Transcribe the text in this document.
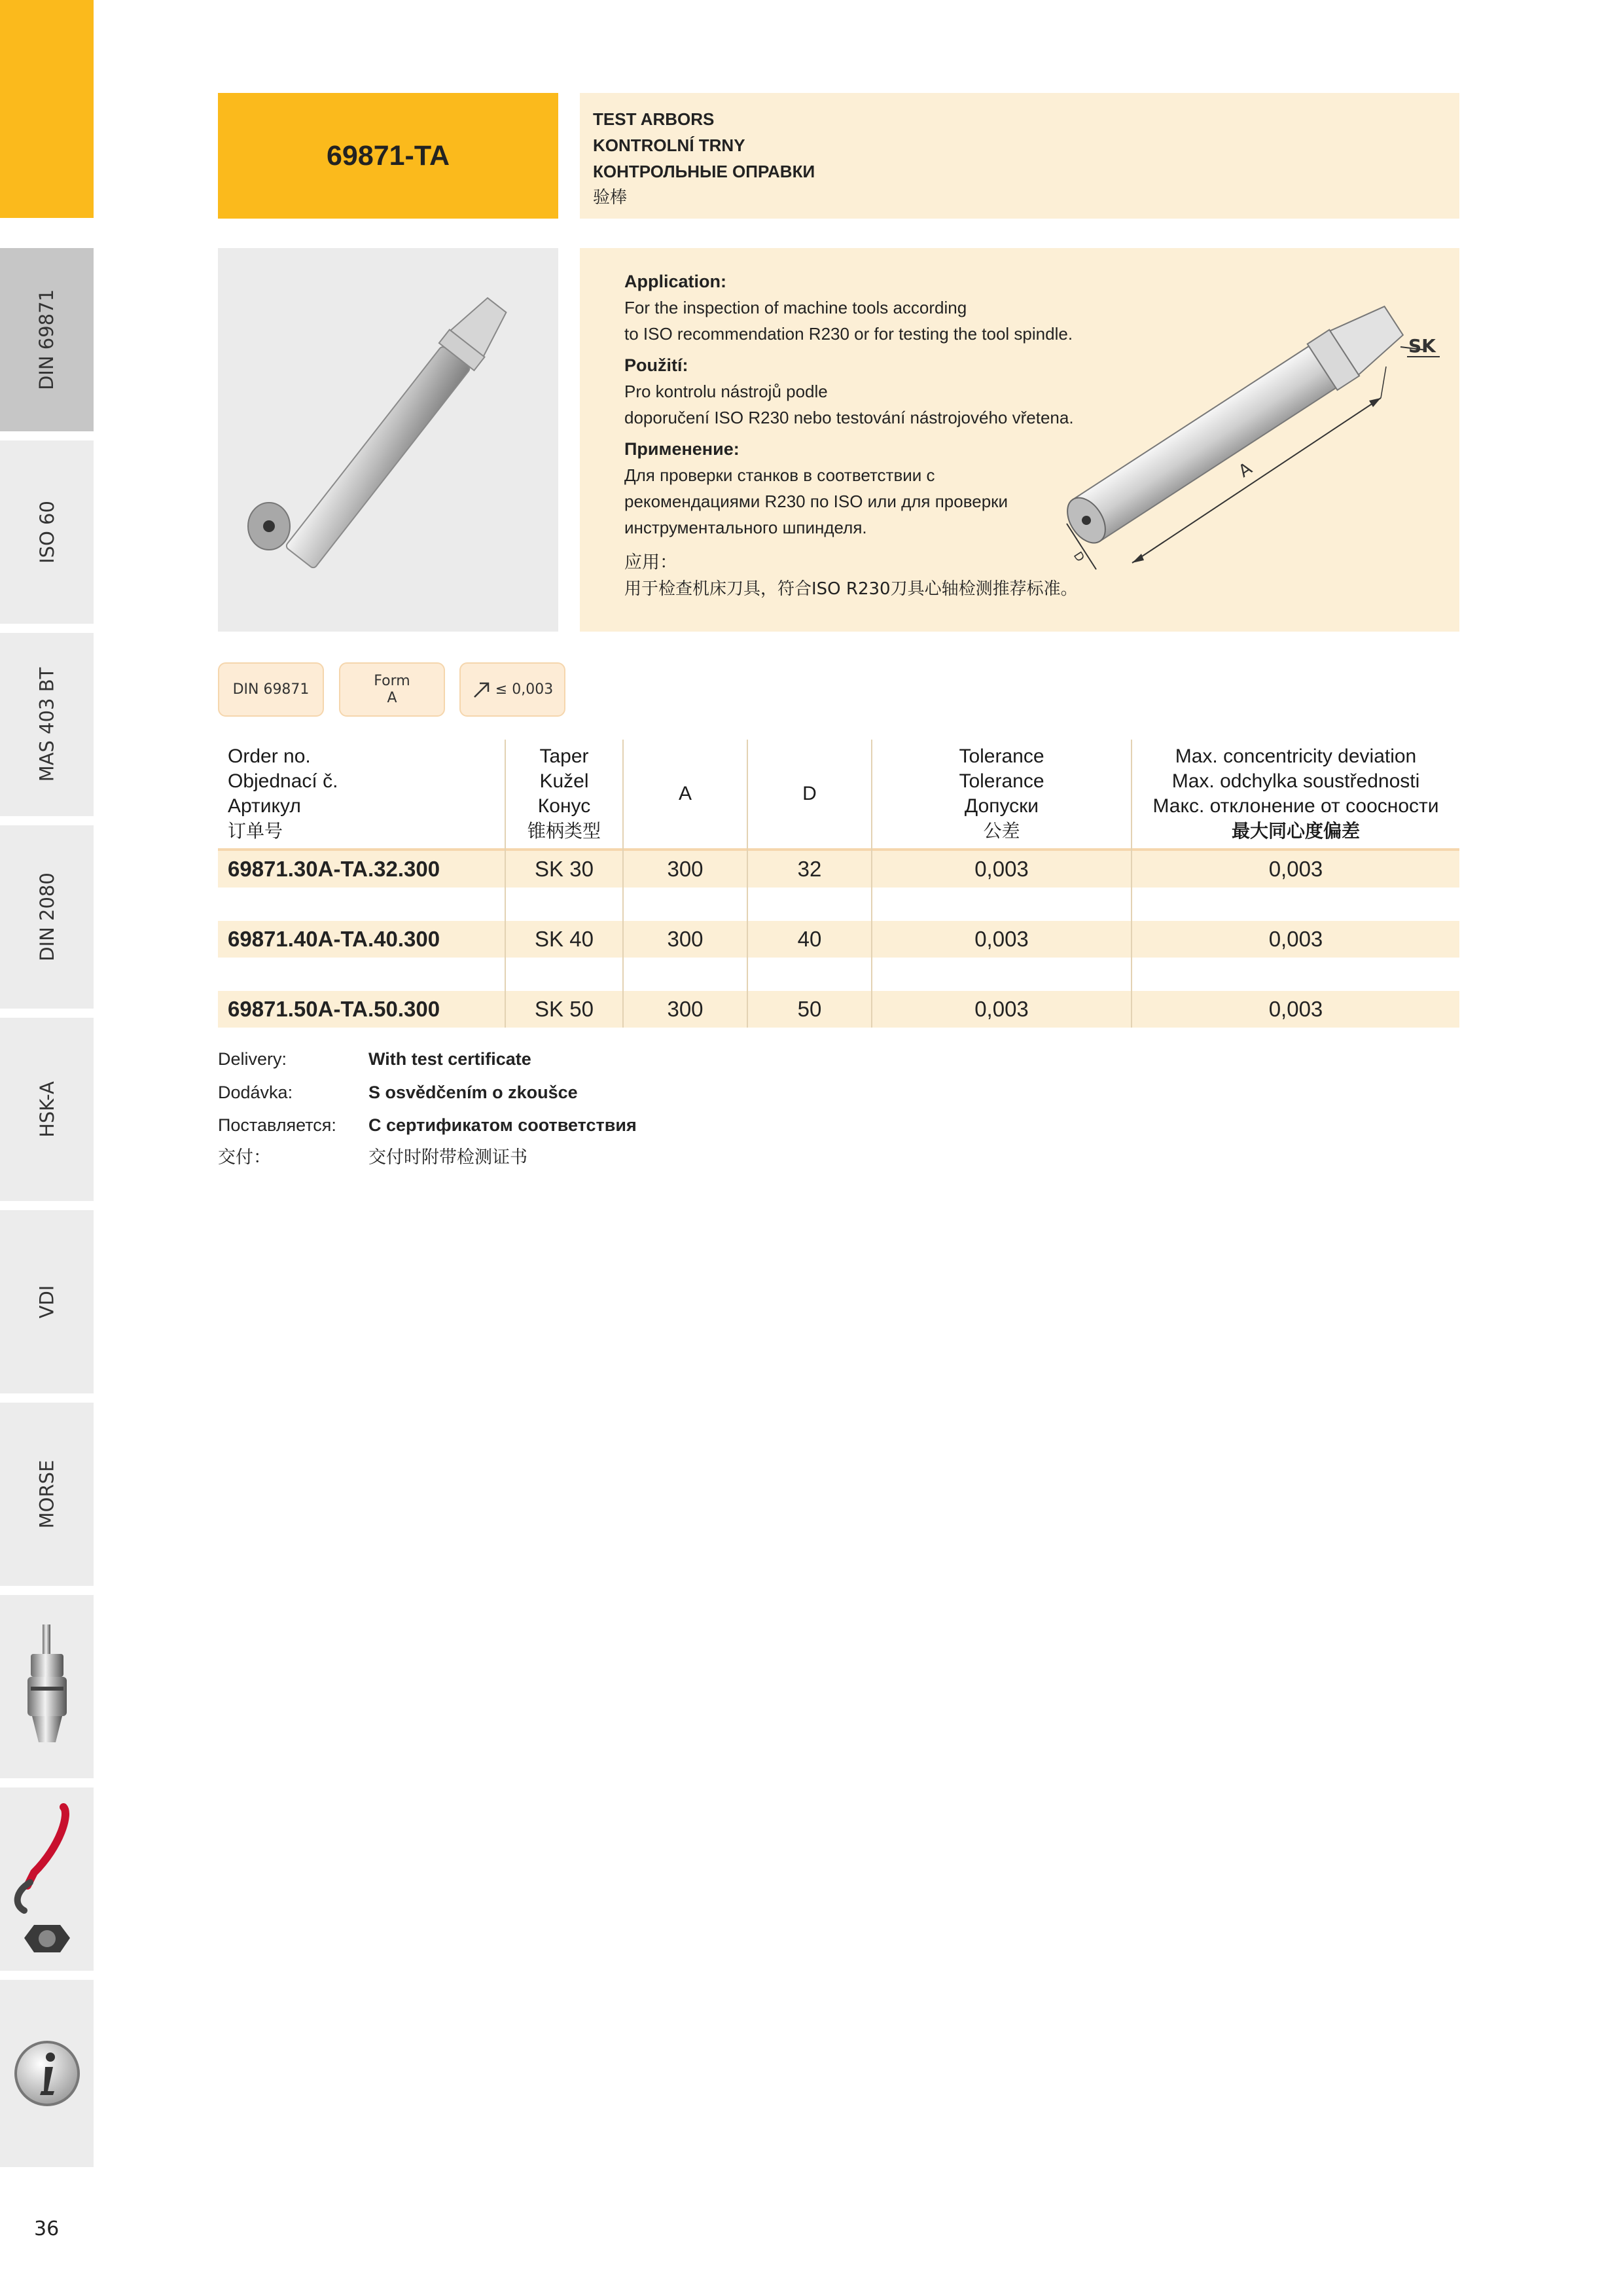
DIN 69871
ISO 60
MAS 403 BT
DIN 2080
HSK-A
VDI
MORSE
36
69871-TA
TEST ARBORS
KONTROLNÍ TRNY
КОНТРОЛЬНЫЕ ОПРАВКИ
验棒
Application:
For the inspection of machine tools according
to ISO recommendation R230 or for testing the tool spindle.
Použití:
Pro kontrolu nástrojů podle
doporučení ISO R230 nebo testování nástrojového vřetena.
Применение:
Для проверки станков в соответствии с
рекомендациями R230 по ISO или для проверки
инструментального шпинделя.
应用：
用于检查机床刀具，符合ISO R230刀具心轴检测推荐标准。
A
D
SK
DIN 69871
Form
A
≤ 0,003
Order no.
Objednací č.
Артикул
订单号
Taper
Kužel
Конус
锥柄类型
A	D
Tolerance
Tolerance
Допуски
公差
Max. concentricity deviation
Max. odchylka soustřednosti
Макс. отклонение от соосности
最大同心度偏差
69871.30A-TA.32.300	SK 30	300	32	0,003	0,003
69871.40A-TA.40.300	SK 40	300	40	0,003	0,003
69871.50A-TA.50.300	SK 50	300	50	0,003	0,003
Delivery:	With test certificate
Dodávka:	S osvědčením o zkoušce
Поставляется: С сертификатом соответствия
交付：	交付时附带检测证书
